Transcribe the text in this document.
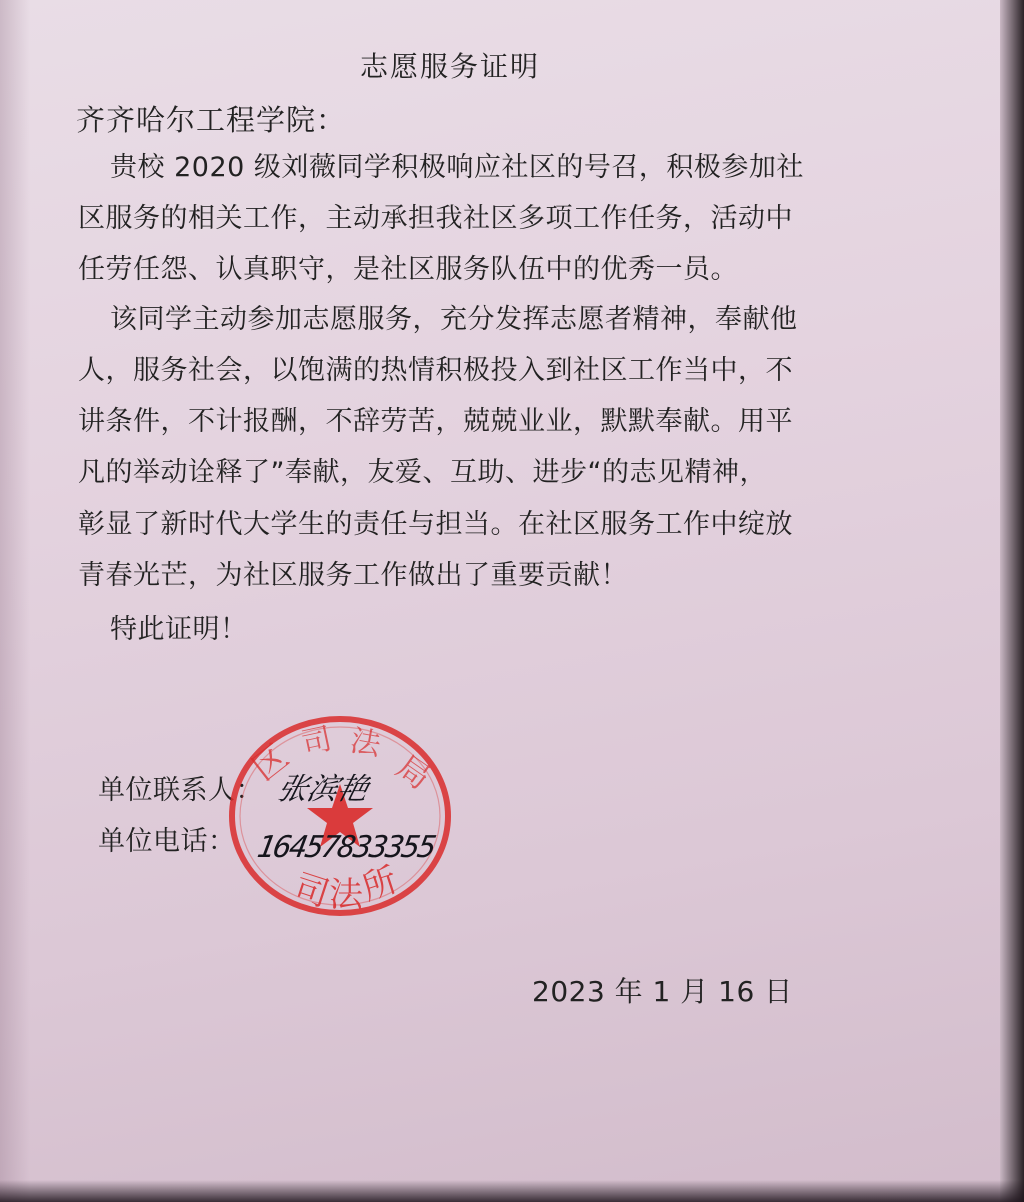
志愿服务证明
齐齐哈尔工程学院：
贵校 2020 级刘薇同学积极响应社区的号召，积极参加社
区服务的相关工作，主动承担我社区多项工作任务，活动中
任劳任怨、认真职守，是社区服务队伍中的优秀一员。
该同学主动参加志愿服务，充分发挥志愿者精神，奉献他
人，服务社会，以饱满的热情积极投入到社区工作当中，不
讲条件，不计报酬，不辞劳苦，兢兢业业，默默奉献。用平
凡的举动诠释了”奉献，友爱、互助、进步“的志见精神，
彰显了新时代大学生的责任与担当。在社区服务工作中绽放
青春光芒，为社区服务工作做出了重要贡献！
特此证明！
单位联系人：
单位电话：
区 司 法
局
司
法
所
张滨艳
16457833355
2023 年 1 月 16 日
